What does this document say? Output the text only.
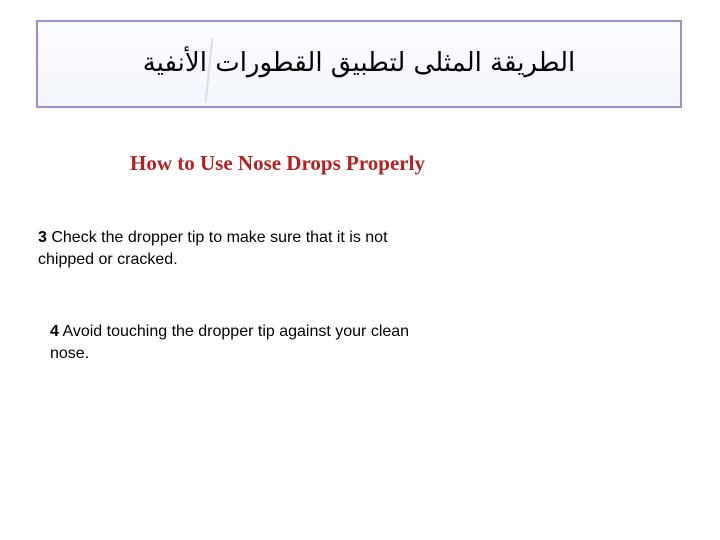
الطريقة المثلى لتطبيق القطورات الأنفية
How to Use Nose Drops Properly
3 Check the dropper tip to make sure that it is not chipped or cracked.
4 Avoid touching the dropper tip against your clean nose.
